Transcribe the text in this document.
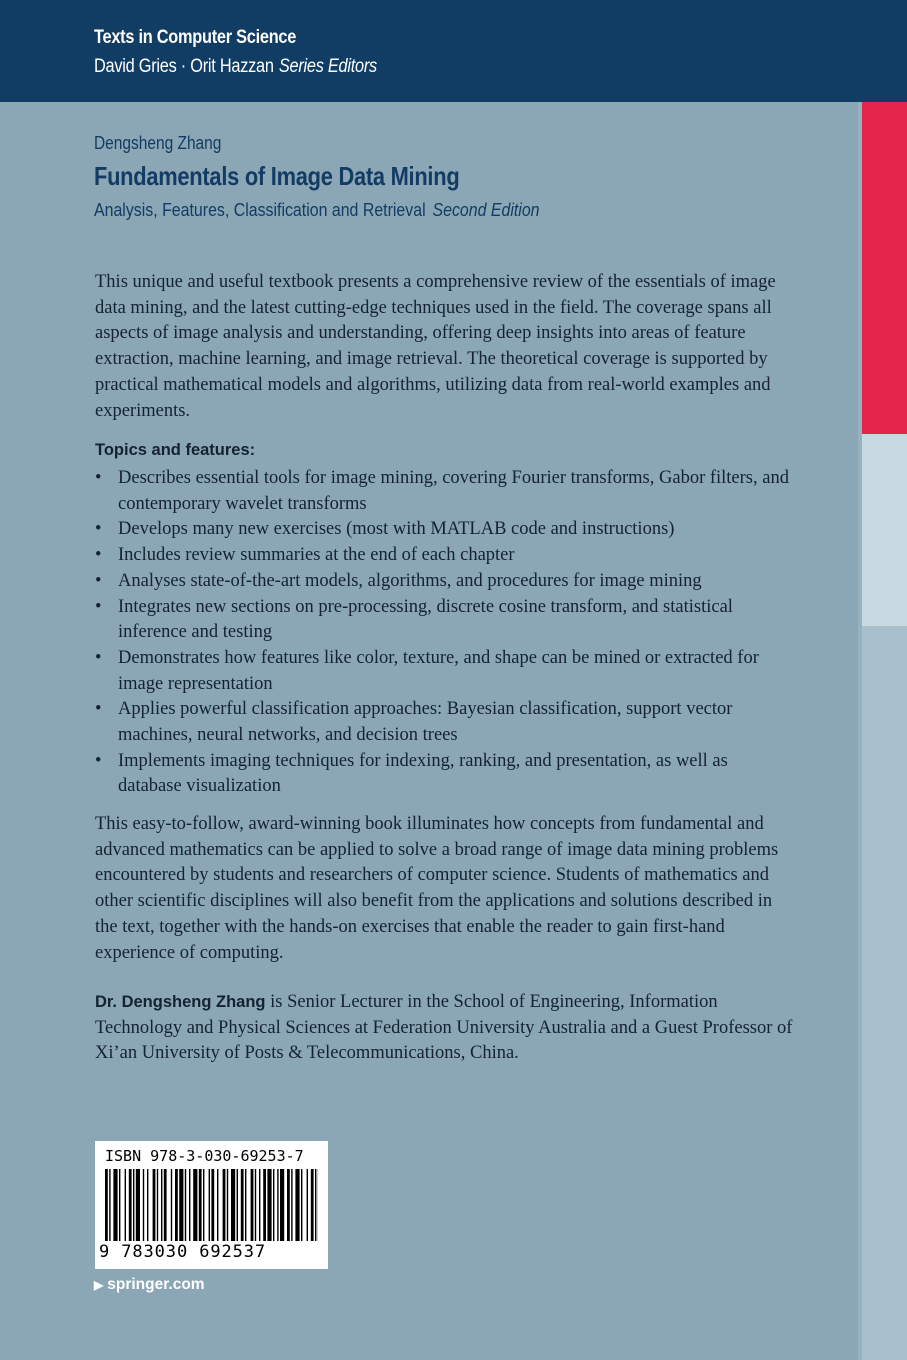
Texts in Computer Science
David Gries · Orit Hazzan Series Editors
Dengsheng Zhang
Fundamentals of Image Data Mining
Analysis, Features, Classification and Retrieval Second Edition

This unique and useful textbook presents a comprehensive review of the essentials of image data mining, and the latest cutting-edge techniques used in the field. The coverage spans all aspects of image analysis and understanding, offering deep insights into areas of feature extraction, machine learning, and image retrieval. The theoretical coverage is supported by practical mathematical models and algorithms, utilizing data from real-world examples and experiments.

Topics and features:
• Describes essential tools for image mining, covering Fourier transforms, Gabor filters, and contemporary wavelet transforms
• Develops many new exercises (most with MATLAB code and instructions)
• Includes review summaries at the end of each chapter
• Analyses state-of-the-art models, algorithms, and procedures for image mining
• Integrates new sections on pre-processing, discrete cosine transform, and statistical inference and testing
• Demonstrates how features like color, texture, and shape can be mined or extracted for image representation
• Applies powerful classification approaches: Bayesian classification, support vector machines, neural networks, and decision trees
• Implements imaging techniques for indexing, ranking, and presentation, as well as database visualization

This easy-to-follow, award-winning book illuminates how concepts from fundamental and advanced mathematics can be applied to solve a broad range of image data mining problems encountered by students and researchers of computer science. Students of mathematics and other scientific disciplines will also benefit from the applications and solutions described in the text, together with the hands-on exercises that enable the reader to gain first-hand experience of computing.

Dr. Dengsheng Zhang is Senior Lecturer in the School of Engineering, Information Technology and Physical Sciences at Federation University Australia and a Guest Professor of Xi’an University of Posts & Telecommunications, China.

ISBN 978-3-030-69253-7
9 783030 692537
▶ springer.com
